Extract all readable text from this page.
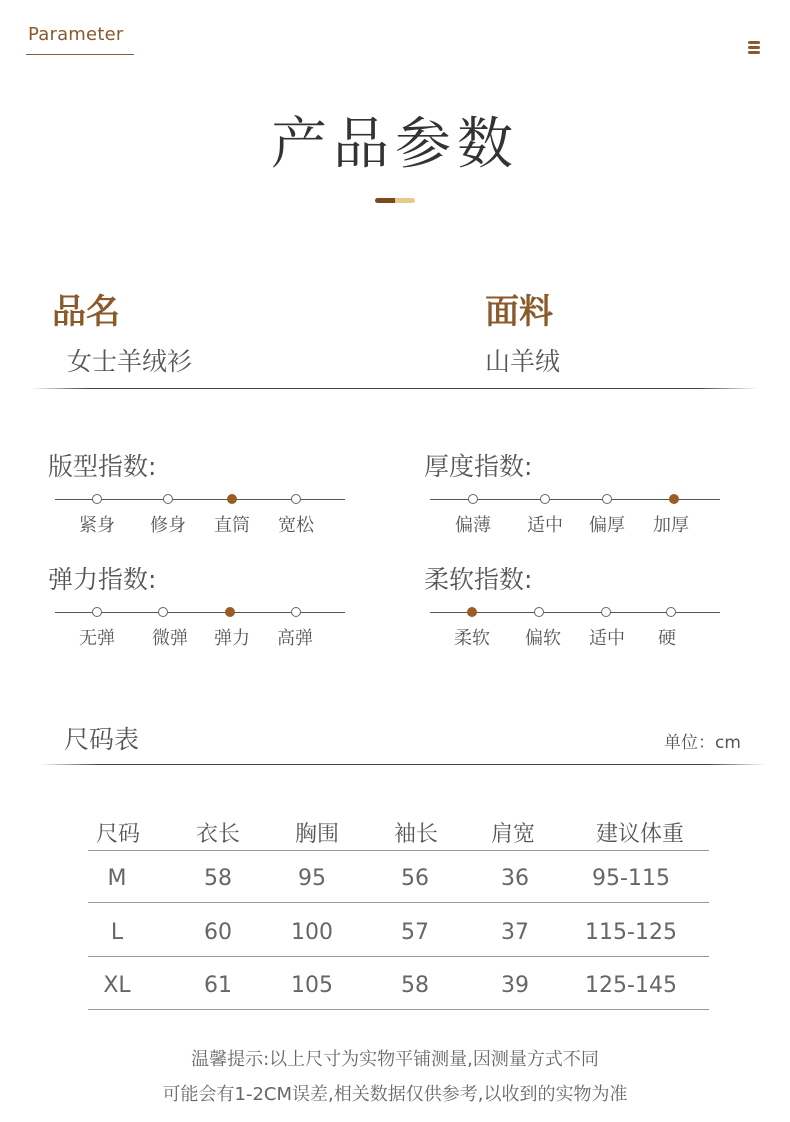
Parameter
产品参数
品名
女士羊绒衫
面料
山羊绒
版型指数:
紧身 修身 直筒 宽松
厚度指数:
偏薄 适中 偏厚 加厚
弹力指数:
无弹 微弹 弹力 高弹
柔软指数:
柔软 偏软 适中 硬
尺码表	单位：cm
尺码	衣长 胸围 袖长 肩宽	建议体重
M	58	95	56	36	95-115
L	60	100	57	37	115-125
XL	61	105	58	39	125-145
温馨提示:以上尺寸为实物平铺测量,因测量方式不同
可能会有1-2CM误差,相关数据仅供参考,以收到的实物为准
